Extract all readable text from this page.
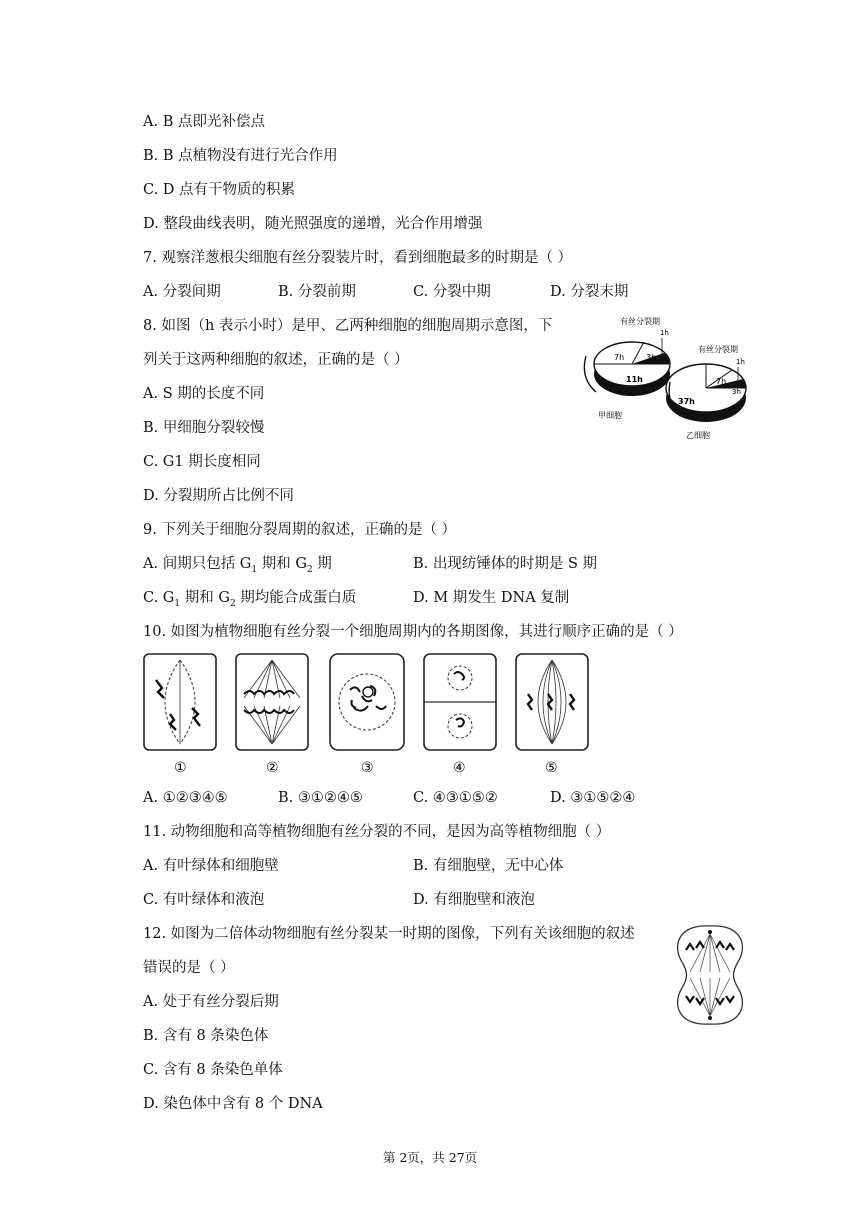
A. B 点即光补偿点
B. B 点植物没有进行光合作用
C. D 点有干物质的积累
D. 整段曲线表明，随光照强度的递增，光合作用增强
7. 观察洋葱根尖细胞有丝分裂装片时，看到细胞最多的时期是（ ）
A. 分裂间期	B. 分裂前期	C. 分裂中期	D. 分裂末期
8. 如图（h 表示小时）是甲、乙两种细胞的细胞周期示意图，下
列关于这两种细胞的叙述，正确的是（ ）
A. S 期的长度不同
B. 甲细胞分裂较慢
C. G1 期长度相同
D. 分裂期所占比例不同
7h	3h
11h
有丝分裂期
1h
甲细胞
7h
3h
37h
有丝分裂期
1h
乙细胞
9. 下列关于细胞分裂周期的叙述，正确的是（ ）
A. 间期只包括 $G_1$ 期和 $G_2$ 期	B. 出现纺锤体的时期是 S 期
C. $G_1$ 期和 $G_2$ 期均能合成蛋白质	D. M 期发生 DNA 复制
10. 如图为植物细胞有丝分裂一个细胞周期内的各期图像，其进行顺序正确的是（ ）
①	②	③	④	⑤
A. ①②③④⑤	B. ③①②④⑤	C. ④③①⑤②	D. ③①⑤②④
11. 动物细胞和高等植物细胞有丝分裂的不同，是因为高等植物细胞（ ）
A. 有叶绿体和细胞壁	B. 有细胞壁，无中心体
C. 有叶绿体和液泡	D. 有细胞壁和液泡
12. 如图为二倍体动物细胞有丝分裂某一时期的图像，下列有关该细胞的叙述
错误的是（ ）
A. 处于有丝分裂后期
B. 含有 8 条染色体
C. 含有 8 条染色单体
D. 染色体中含有 8 个 DNA
第 2页，共 27页
